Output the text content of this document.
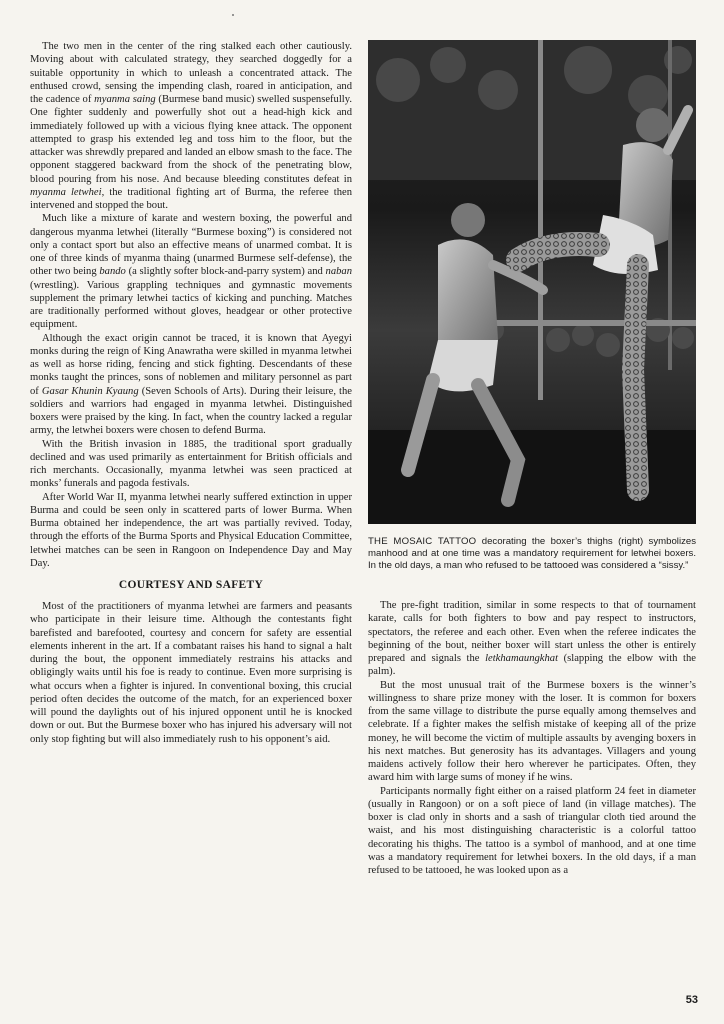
The two men in the center of the ring stalked each other cautiously. Moving about with calculated strategy, they searched doggedly for a suitable opportunity in which to unleash a concentrated attack. The enthused crowd, sensing the impending clash, roared in anticipation, and the cadence of myanma saing (Burmese band music) swelled suspensefully. One fighter suddenly and powerfully shot out a head-high kick and immediately followed up with a vicious flying knee attack. The opponent attempted to grasp his extended leg and toss him to the floor, but the attacker was shrewdly prepared and landed an elbow smash to the face. The opponent staggered backward from the shock of the penetrating blow, blood pouring from his nose. And because bleeding constitutes defeat in myanma letwhei, the traditional fighting art of Burma, the referee then intervened and stopped the bout.

Much like a mixture of karate and western boxing, the powerful and dangerous myanma letwhei (literally “Burmese boxing”) is considered not only a contact sport but also an effective means of unarmed combat. It is one of three kinds of myanma thaing (unarmed Burmese self-defense), the other two being bando (a slightly softer block-and-parry system) and naban (wrestling). Various grappling techniques and gymnastic movements supplement the primary letwhei tactics of kicking and punching. Matches are traditionally performed without gloves, headgear or other protective equipment.

Although the exact origin cannot be traced, it is known that Ayegyi monks during the reign of King Anawratha were skilled in myanma letwhei as well as horse riding, fencing and stick fighting. Descendants of these monks taught the princes, sons of noblemen and military personnel as part of Gasar Khunin Kyaung (Seven Schools of Arts). During their leisure, the soldiers and warriors had engaged in myanma letwhei. Distinguished boxers were praised by the king. In fact, when the country lacked a regular army, the letwhei boxers were chosen to defend Burma.

With the British invasion in 1885, the traditional sport gradually declined and was used primarily as entertainment for British officials and rich merchants. Occasionally, myanma letwhei was seen practiced at monks’ funerals and pagoda festivals.

After World War II, myanma letwhei nearly suffered extinction in upper Burma and could be seen only in scattered parts of lower Burma. When Burma obtained her independence, the art was partially revived. Today, through the efforts of the Burma Sports and Physical Education Committee, letwhei matches can be seen in Rangoon on Independence Day and May Day.

COURTESY AND SAFETY

Most of the practitioners of myanma letwhei are farmers and peasants who participate in their leisure time. Although the contestants fight barefisted and barefooted, courtesy and concern for safety are essential elements inherent in the art. If a combatant raises his hand to signal a halt during the bout, the opponent immediately restrains his attacks and obligingly waits until his foe is ready to continue. Even more surprising is what occurs when a fighter is injured. In conventional boxing, this crucial period often decides the outcome of the match, for an experienced boxer will pound the daylights out of his injured opponent until he is knocked down or out. But the Burmese boxer who has injured his adversary will not only stop fighting but will also immediately rush to his opponent’s aid.

THE MOSAIC TATTOO decorating the boxer’s thighs (right) symbolizes manhood and at one time was a mandatory requirement for letwhei boxers. In the old days, a man who refused to be tattooed was considered a “sissy.”

The pre-fight tradition, similar in some respects to that of tournament karate, calls for both fighters to bow and pay respect to instructors, spectators, the referee and each other. Even when the referee indicates the beginning of the bout, neither boxer will start unless the other is entirely prepared and signals the letkhamaungkhat (slapping the elbow with the palm).

But the most unusual trait of the Burmese boxers is the winner’s willingness to share prize money with the loser. It is common for boxers from the same village to distribute the purse equally among themselves and celebrate. If a fighter makes the selfish mistake of keeping all of the prize money, he will become the victim of multiple assaults by avenging boxers in his next matches. But generosity has its advantages. Villagers and young maidens actively follow their hero wherever he participates. Often, they award him with large sums of money if he wins.

Participants normally fight either on a raised platform 24 feet in diameter (usually in Rangoon) or on a soft piece of land (in village matches). The boxer is clad only in shorts and a sash of triangular cloth tied around the waist, and his most distinguishing characteristic is a colorful tattoo decorating his thighs. The tattoo is a symbol of manhood, and at one time was a mandatory requirement for letwhei boxers. In the old days, if a man refused to be tattooed, he was looked upon as a

53
